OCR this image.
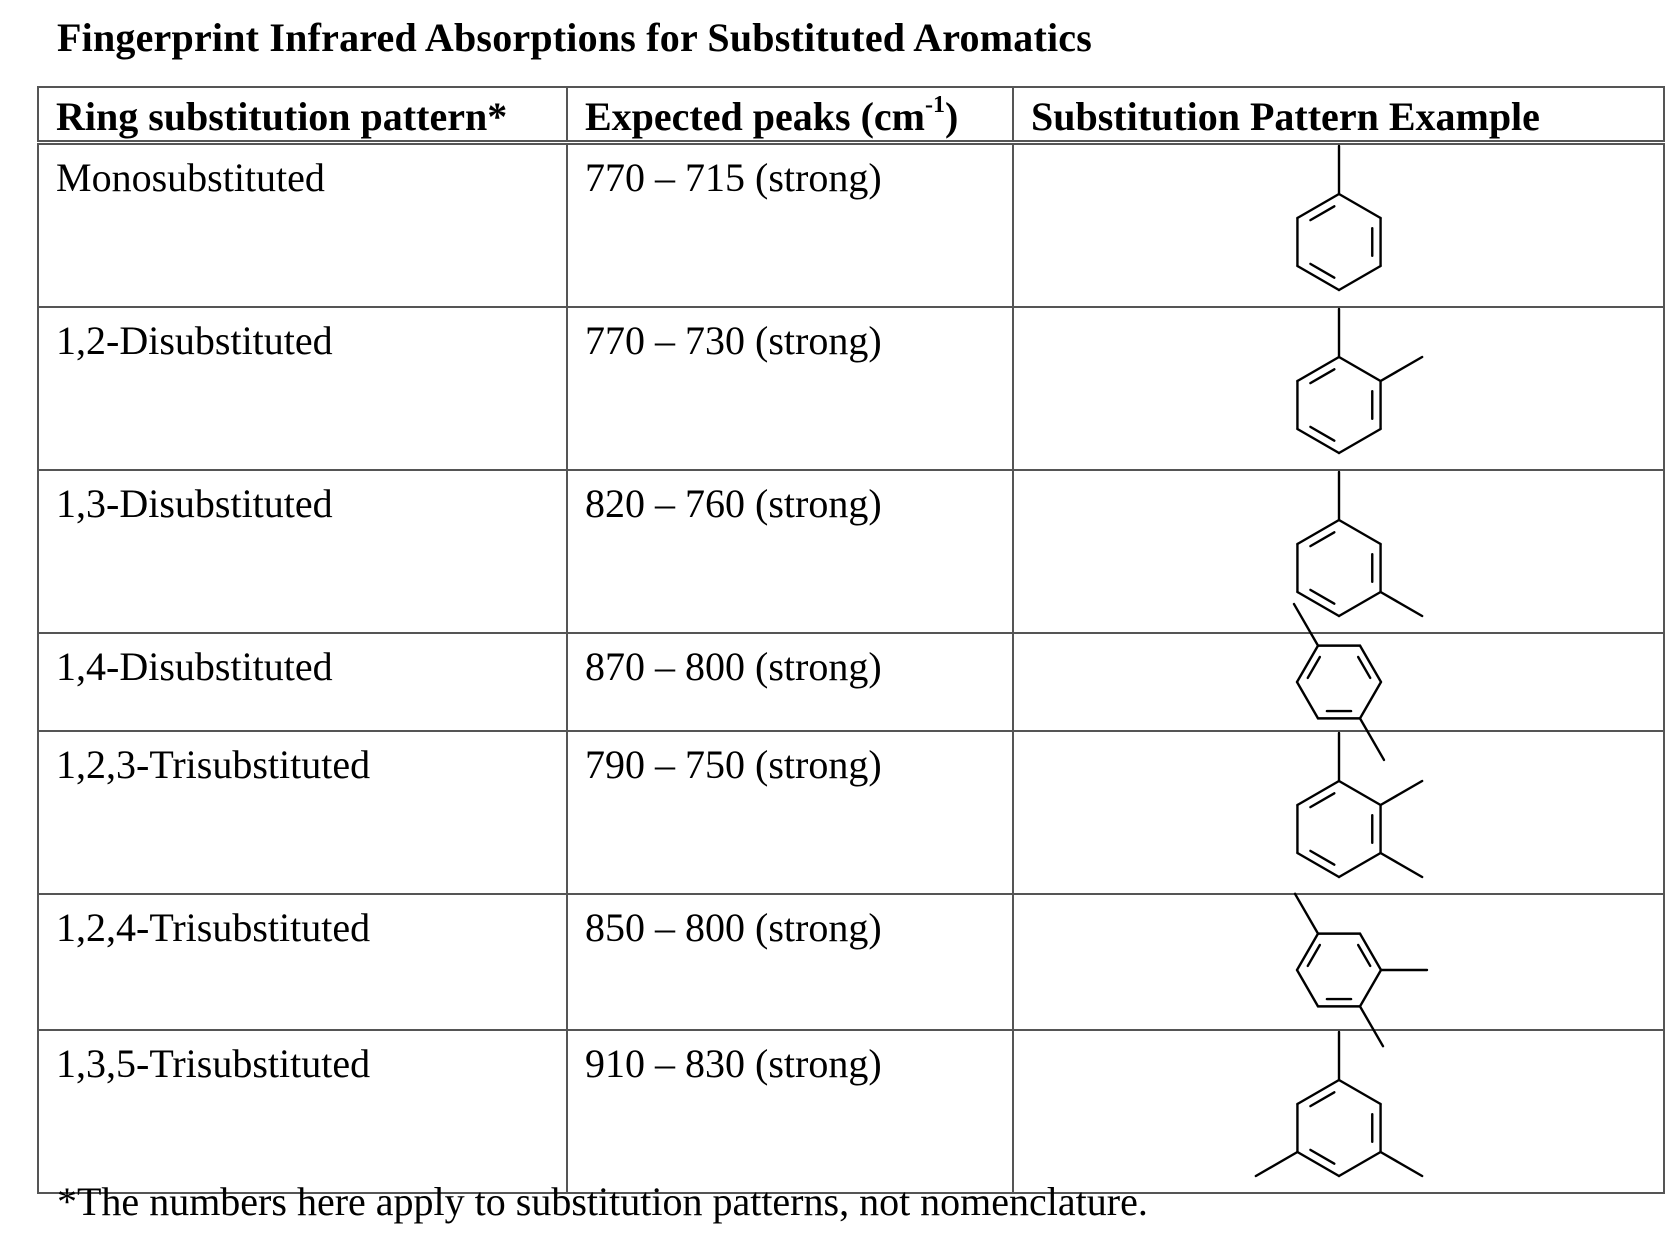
Fingerprint Infrared Absorptions for Substituted Aromatics
Ring substitution pattern*	Expected peaks $(cm^{-1})$	Substitution Pattern Example
Monosubstituted	770 – 715 (strong)	

1,2-Disubstituted	770 – 730 (strong)	

1,3-Disubstituted	820 – 760 (strong)	

1,4-Disubstituted	870 – 800 (strong)	

1,2,3-Trisubstituted	790 – 750 (strong)	

1,2,4-Trisubstituted	850 – 800 (strong)	

1,3,5-Trisubstituted	910 – 830 (strong)	
*The numbers here apply to substitution patterns, not nomenclature.
